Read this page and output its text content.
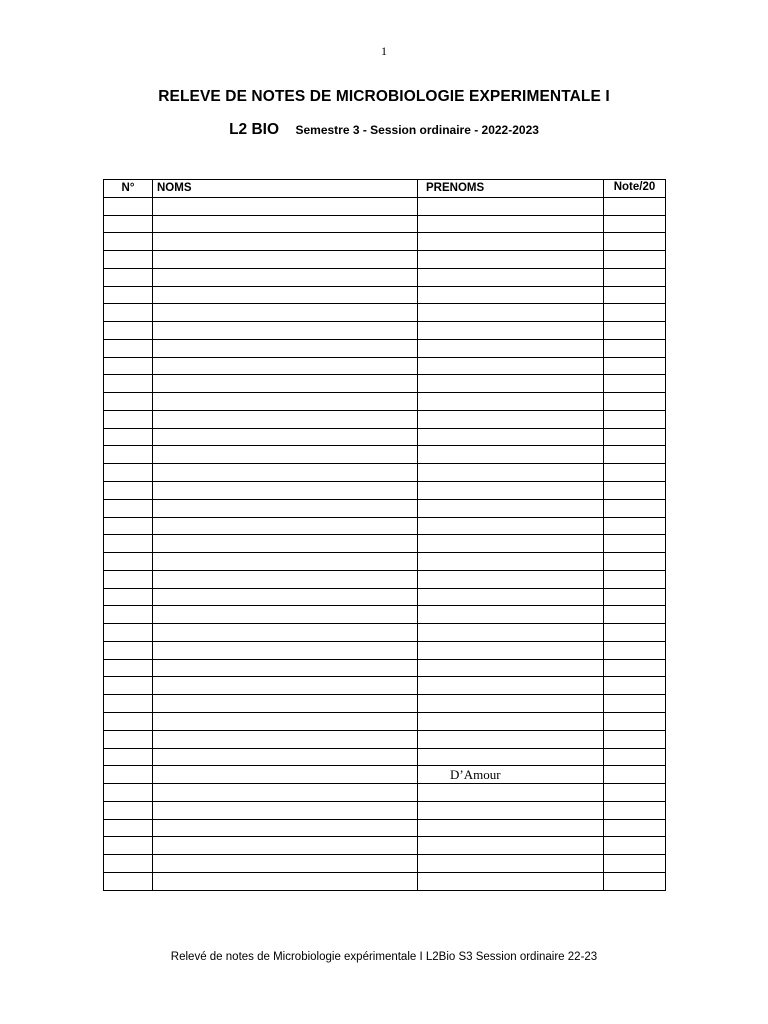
1
RELEVE DE NOTES DE MICROBIOLOGIE EXPERIMENTALE I
L2 BIO Semestre 3 - Session ordinaire - 2022-2023
N°	NOMS	PRENOMS	Note/20

		D’Amour	

Relevé de notes de Microbiologie expérimentale I L2Bio S3 Session ordinaire 22-23
